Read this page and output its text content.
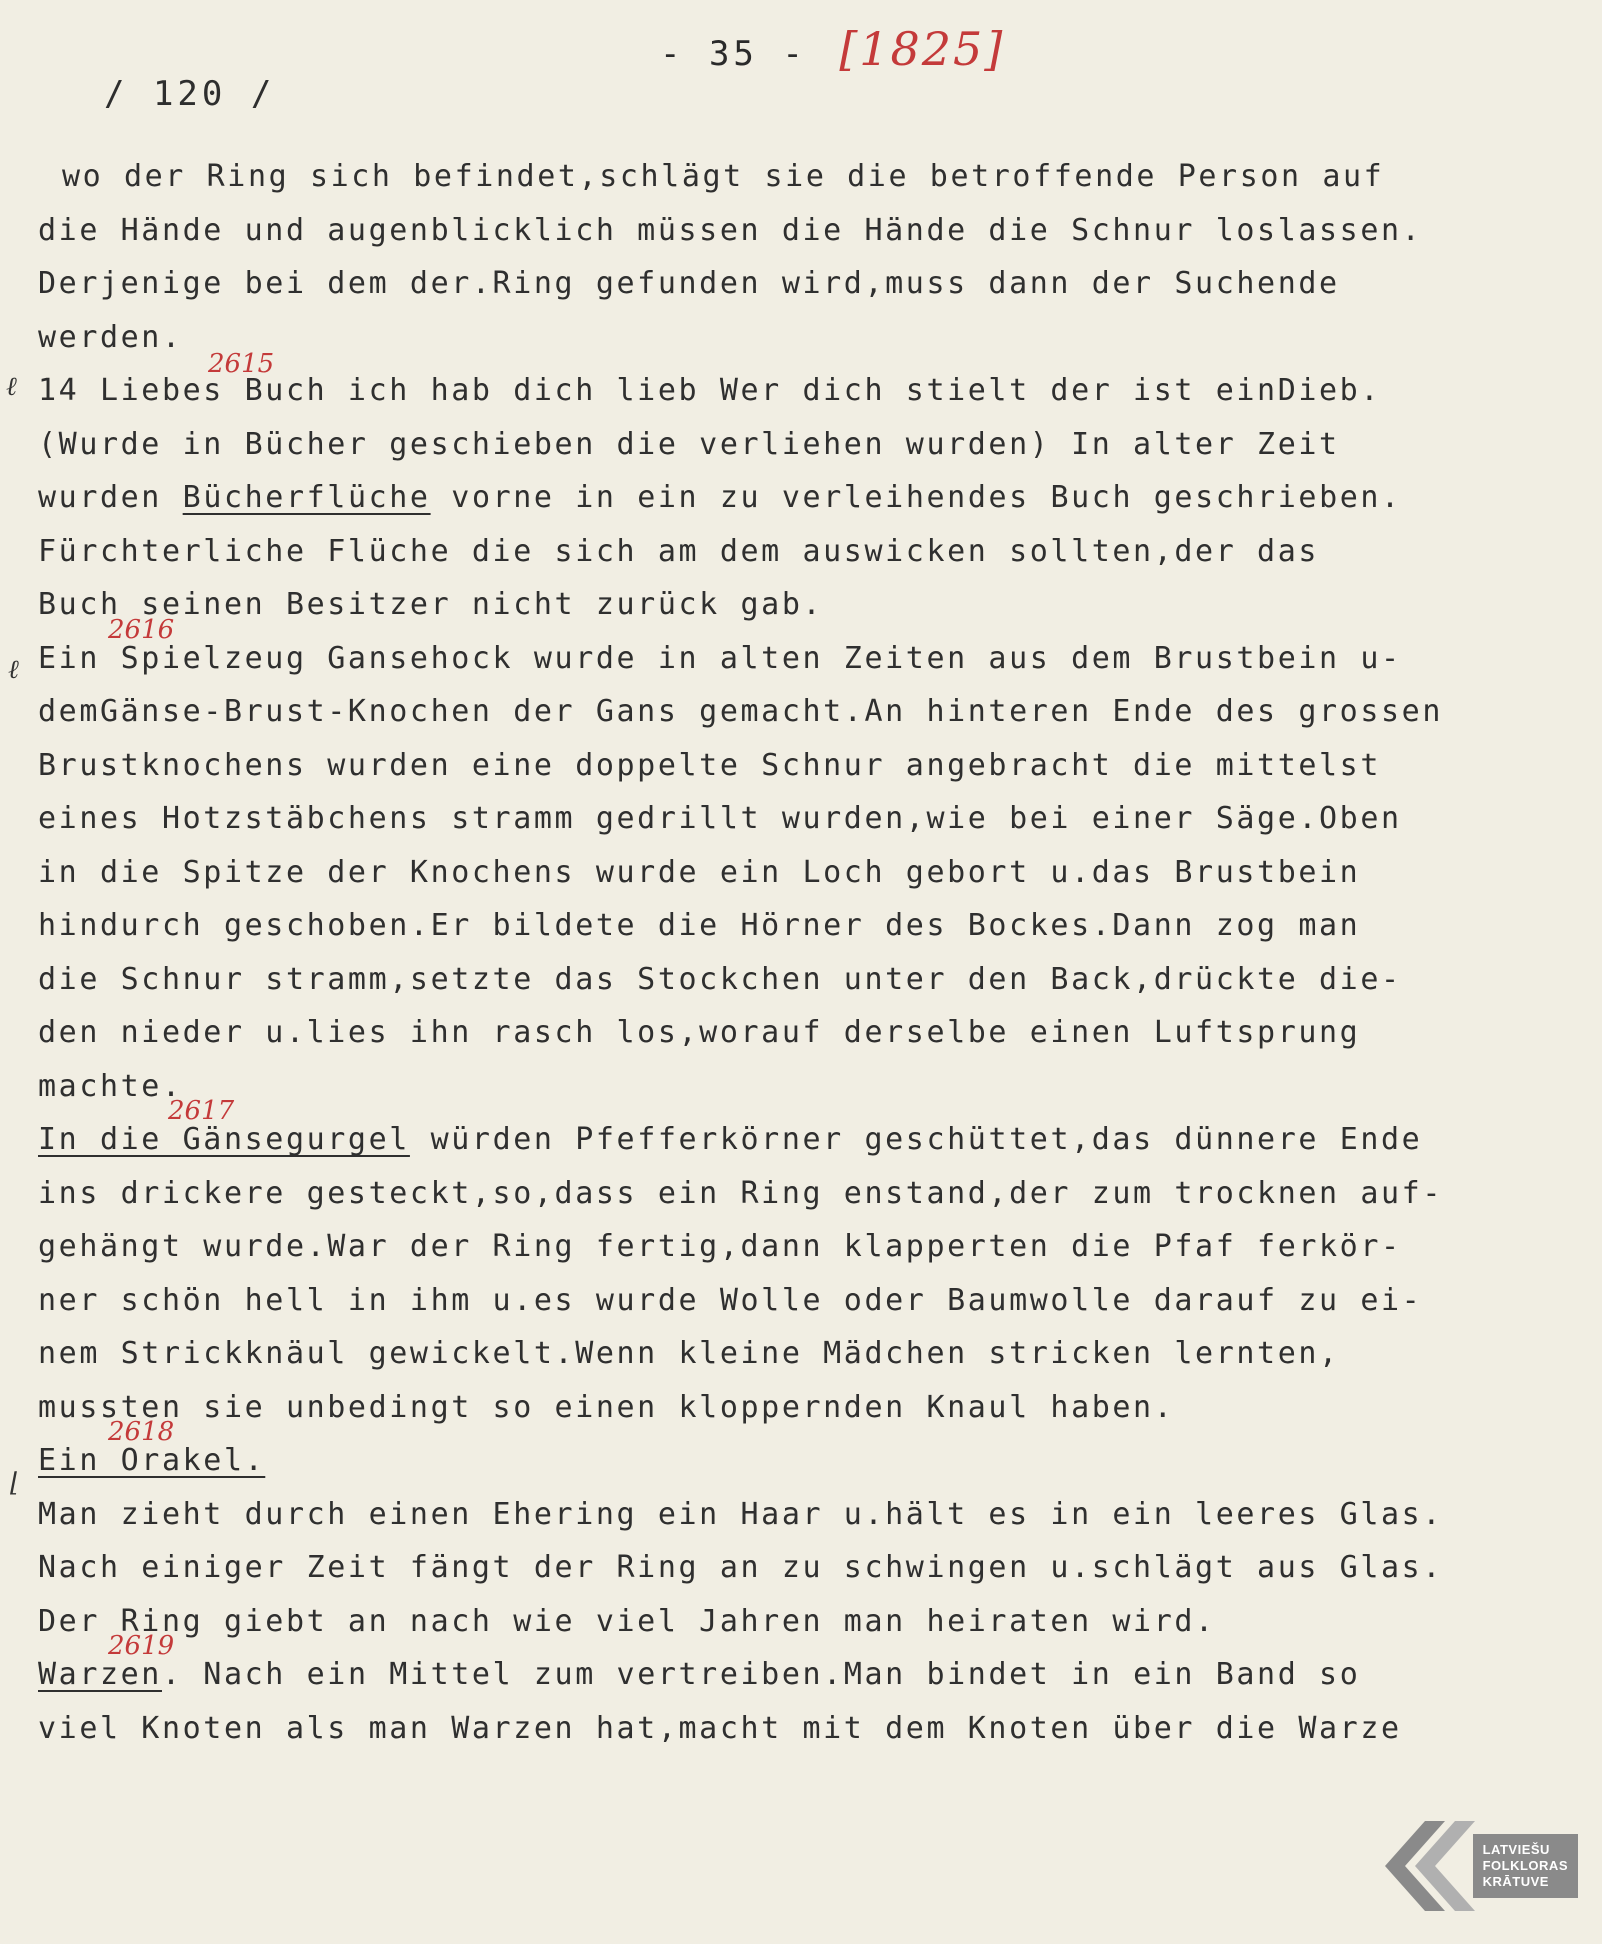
- 35 - [1825]
/ 120 /
wo der Ring sich befindet,schlägt sie die betroffende Person auf
die Hände und augenblicklich müssen die Hände die Schnur loslassen.
Derjenige bei dem der.Ring gefunden wird,muss dann der Suchende
werden.
2615
14 Liebes Buch ich hab dich lieb Wer dich stielt der ist einDieb.
(Wurde in Bücher geschieben die verliehen wurden) In alter Zeit
wurden Bücherflüche vorne in ein zu verleihendes Buch geschrieben.
Fürchterliche Flüche die sich am dem auswicken sollten,der das
Buch seinen Besitzer nicht zurück gab.
2616
Ein Spielzeug Gansehock wurde in alten Zeiten aus dem Brustbein u-
demGänse-Brust-Knochen der Gans gemacht.An hinteren Ende des grossen
Brustknochens wurden eine doppelte Schnur angebracht die mittelst
eines Hotzstäbchens stramm gedrillt wurden,wie bei einer Säge.Oben
in die Spitze der Knochens wurde ein Loch gebort u.das Brustbein
hindurch geschoben.Er bildete die Hörner des Bockes.Dann zog man
die Schnur stramm,setzte das Stockchen unter den Back,drückte die-
den nieder u.lies ihn rasch los,worauf derselbe einen Luftsprung
machte.
2617
In die Gänsegurgel würden Pfefferkörner geschüttet,das dünnere Ende
ins drickere gesteckt,so,dass ein Ring enstand,der zum trocknen auf-
gehängt wurde.War der Ring fertig,dann klapperten die Pfaf ferkör-
ner schön hell in ihm u.es wurde Wolle oder Baumwolle darauf zu ei-
nem Strickknäul gewickelt.Wenn kleine Mädchen stricken lernten,
mussten sie unbedingt so einen kloppernden Knaul haben.
2618
Ein Orakel.
Man zieht durch einen Ehering ein Haar u.hält es in ein leeres Glas.
Nach einiger Zeit fängt der Ring an zu schwingen u.schlägt aus Glas.
Der Ring giebt an nach wie viel Jahren man heiraten wird.
2619
Warzen. Nach ein Mittel zum vertreiben.Man bindet in ein Band so
viel Knoten als man Warzen hat,macht mit dem Knoten über die Warze
ℓ
ℓ
⌊
LATVIEŠU
FOLKLORAS
KRĀTUVE
